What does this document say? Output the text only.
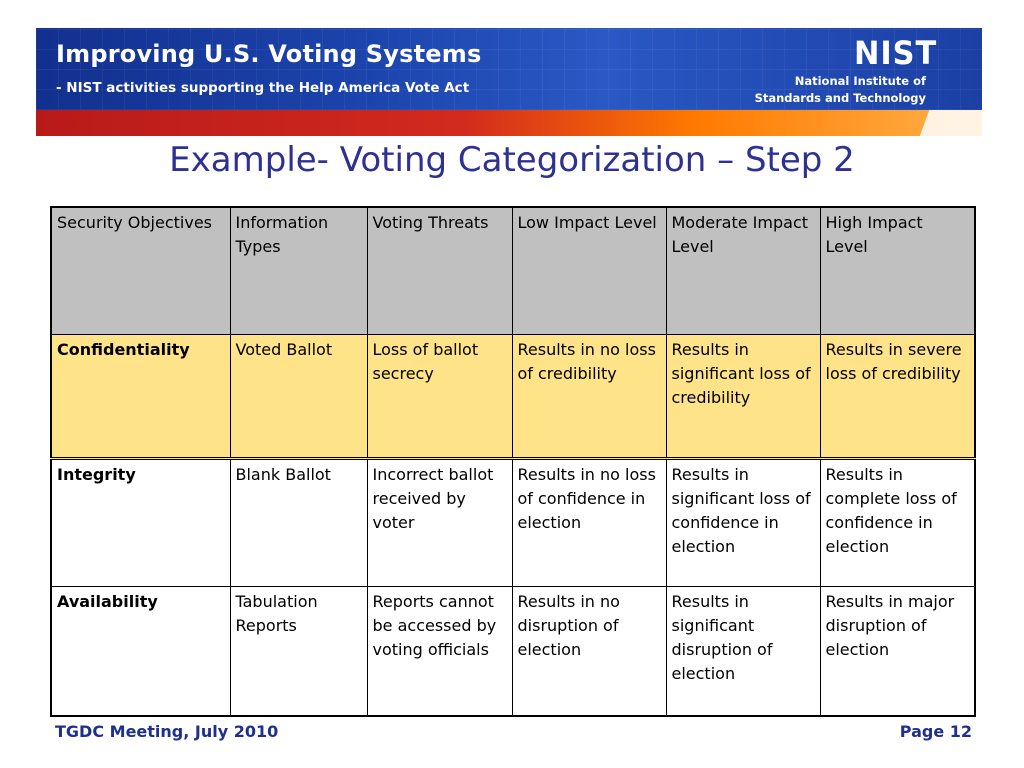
Improving U.S. Voting Systems
- NIST activities supporting the Help America Vote Act
NIST
National Institute of
Standards and Technology
Example- Voting Categorization – Step 2
Security Objectives	Information Types	Voting Threats	Low Impact Level	Moderate Impact Level	High Impact Level
Confidentiality	Voted Ballot	Loss of ballot secrecy	Results in no loss of credibility	Results in significant loss of credibility	Results in severe loss of credibility
Integrity	Blank Ballot	Incorrect ballot received by voter	Results in no loss of confidence in election	Results in significant loss of confidence in election	Results in complete loss of confidence in election
Availability	Tabulation Reports	Reports cannot be accessed by voting officials	Results in no disruption of election	Results in significant disruption of election	Results in major disruption of election
TGDC Meeting, July 2010	Page 12
